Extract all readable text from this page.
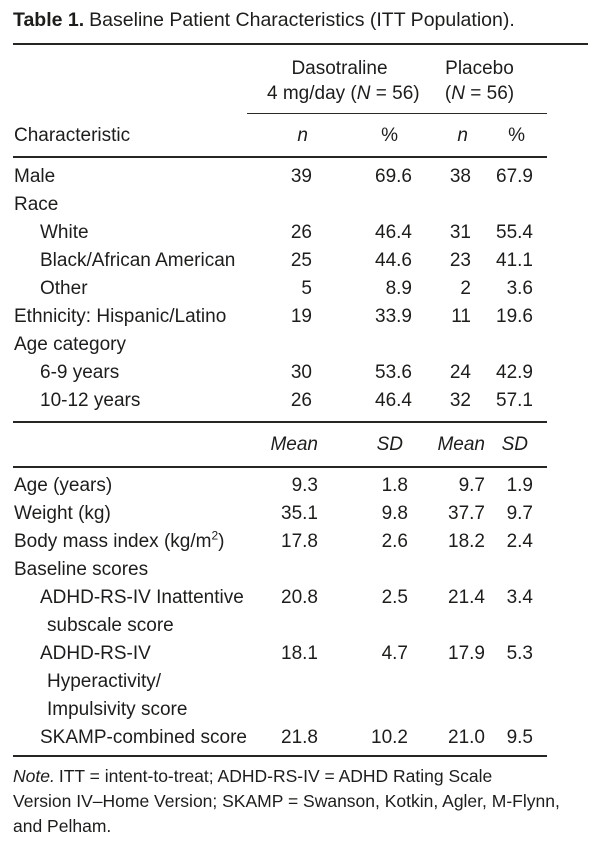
Table 1. Baseline Patient Characteristics (ITT Population).

Dasotraline
4 mg/day (N = 56)

Placebo
(N = 56)

Characteristic	n	%	n	%

Male	39	69.6	38	67.9

Race				

White	26	46.4	31	55.4

Black/African American	25	44.6	23	41.1

Other	5	8.9	2	3.6

Ethnicity: Hispanic/Latino	19	33.9	11	19.6

Age category				

6-9 years	30	53.6	24	42.9

10-12 years	26	46.4	32	57.1
	Mean	SD	Mean	SD

Age (years)	9.3	1.8	9.7	1.9

Weight (kg)	35.1	9.8	37.7	9.7

Body mass index $(kg/m^2)$	17.8	2.6	18.2	2.4

Baseline scores				

ADHD-RS-IV Inattentive
subscale score	20.8	2.5	21.4	3.4

ADHD-RS-IV
Hyperactivity/
Impulsivity score	18.1	4.7	17.9	5.3

SKAMP-combined score	21.8	10.2	21.0	9.5
Note. ITT = intent-to-treat; ADHD-RS-IV = ADHD Rating Scale
Version IV–Home Version; SKAMP = Swanson, Kotkin, Agler, M-Flynn,
and Pelham.
